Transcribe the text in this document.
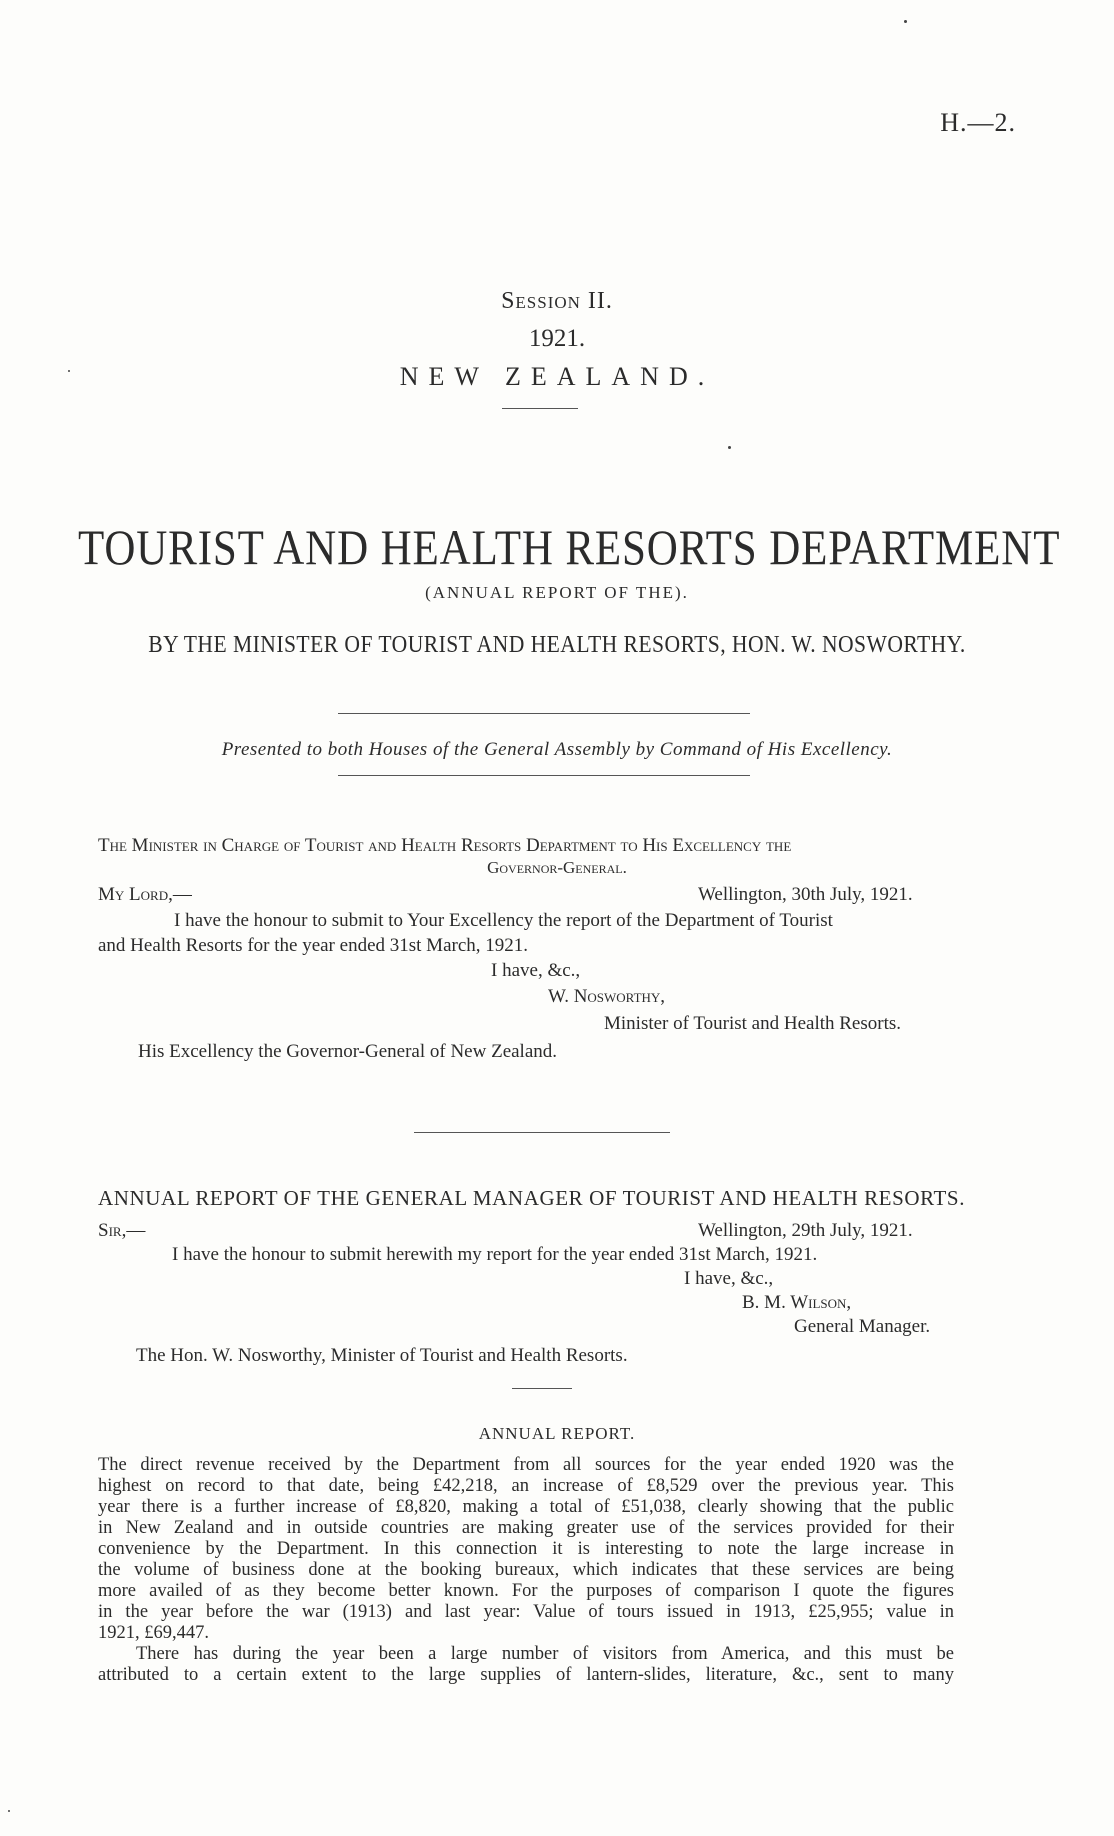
H.—2.
Session II.
1921.
NEW ZEALAND.
TOURIST AND HEALTH RESORTS DEPARTMENT
(ANNUAL REPORT OF THE).
BY THE MINISTER OF TOURIST AND HEALTH RESORTS, HON. W. NOSWORTHY.
Presented to both Houses of the General Assembly by Command of His Excellency.
The Minister in Charge of Tourist and Health Resorts Department to His Excellency the
Governor-General.
My Lord,—	Wellington, 30th July, 1921.
I have the honour to submit to Your Excellency the report of the Department of Tourist
and Health Resorts for the year ended 31st March, 1921.
I have, &c.,
W. Nosworthy,
Minister of Tourist and Health Resorts.
His Excellency the Governor-General of New Zealand.
ANNUAL REPORT OF THE GENERAL MANAGER OF TOURIST AND HEALTH RESORTS.
Sir,—	Wellington, 29th July, 1921.
I have the honour to submit herewith my report for the year ended 31st March, 1921.
I have, &c.,
B. M. Wilson,
General Manager.
The Hon. W. Nosworthy, Minister of Tourist and Health Resorts.
ANNUAL REPORT.
The direct revenue received by the Department from all sources for the year ended 1920 was the
highest on record to that date, being £42,218, an increase of £8,529 over the previous year. This
year there is a further increase of £8,820, making a total of £51,038, clearly showing that the public
in New Zealand and in outside countries are making greater use of the services provided for their
convenience by the Department. In this connection it is interesting to note the large increase in
the volume of business done at the booking bureaux, which indicates that these services are being
more availed of as they become better known. For the purposes of comparison I quote the figures
in the year before the war (1913) and last year: Value of tours issued in 1913, £25,955; value in
1921, £69,447.
There has during the year been a large number of visitors from America, and this must be
attributed to a certain extent to the large supplies of lantern-slides, literature, &c., sent to many
